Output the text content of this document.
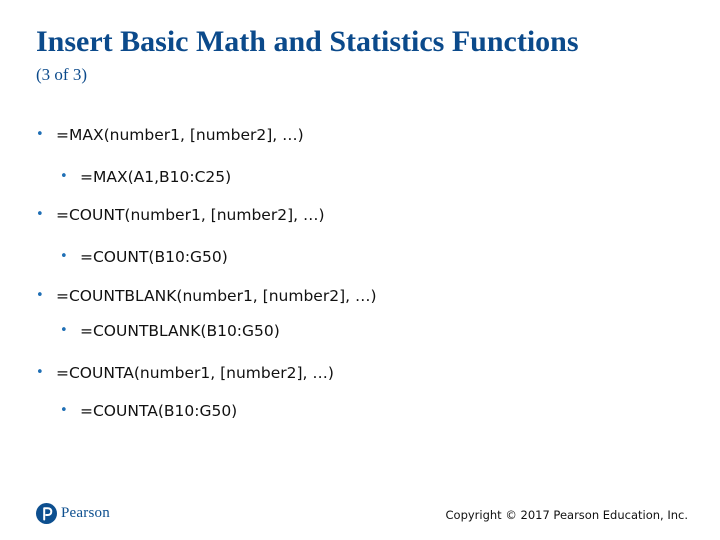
Insert Basic Math and Statistics Functions
(3 of 3)
• =MAX(number1, [number2], …)
• =MAX(A1,B10:C25)
• =COUNT(number1, [number2], …)
• =COUNT(B10:G50)
• =COUNTBLANK(number1, [number2], …)
• =COUNTBLANK(B10:G50)
• =COUNTA(number1, [number2], …)
• =COUNTA(B10:G50)
Pearson	Copyright © 2017 Pearson Education, Inc.
